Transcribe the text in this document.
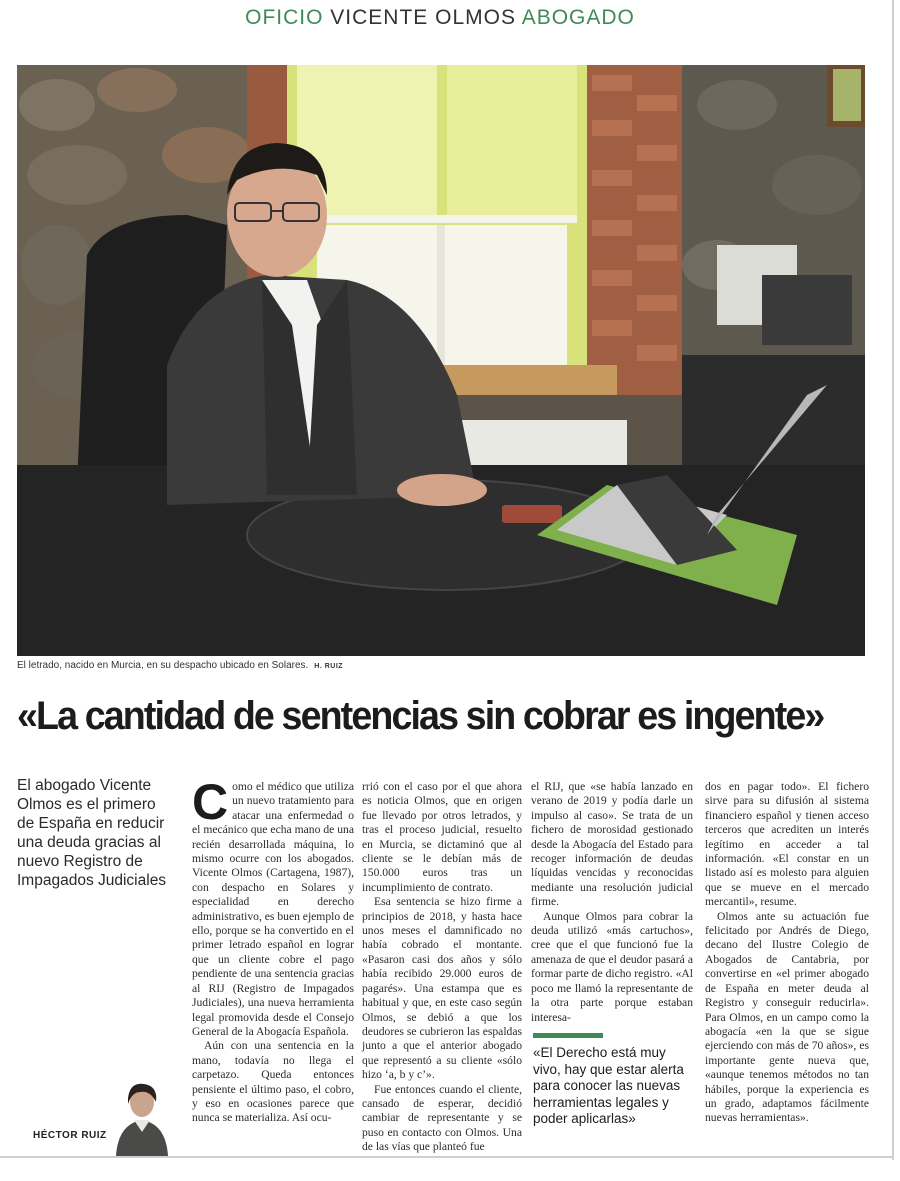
OFICIO VICENTE OLMOS ABOGADO
El letrado, nacido en Murcia, en su despacho ubicado en Solares. H. RUIZ
«La cantidad de sentencias sin cobrar es ingente»
El abogado Vicente Olmos es el primero de España en reducir una deuda gracias al nuevo Registro de Impagados Judiciales

Como el médico que utiliza un nuevo tratamiento para atacar una enfermedad o el mecánico que echa mano de una recién desarrollada máquina, lo mismo ocurre con los abogados. Vicente Olmos (Cartagena, 1987), con despacho en Solares y especialidad en derecho administrativo, es buen ejemplo de ello, porque se ha convertido en el primer letrado español en lograr que un cliente cobre el pago pendiente de una sentencia gracias al RIJ (Registro de Impagados Judiciales), una nueva herramienta legal promovida desde el Consejo General de la Abogacía Española.

Aún con una sentencia en la mano, todavía no llega el carpetazo. Queda entonces pensiente el último paso, el cobro, y eso en ocasiones parece que nunca se materializa. Así ocu-

rrió con el caso por el que ahora es noticia Olmos, que en origen fue llevado por otros letrados, y tras el proceso judicial, resuelto en Murcia, se dictaminó que al cliente se le debían más de 150.000 euros tras un incumplimiento de contrato.

Esa sentencia se hizo firme a principios de 2018, y hasta hace unos meses el damnificado no había cobrado el montante. «Pasaron casi dos años y sólo había recibido 29.000 euros de pagarés». Una estampa que es habitual y que, en este caso según Olmos, se debió a que los deudores se cubrieron las espaldas junto a que el anterior abogado que representó a su cliente «sólo hizo ‘a, b y c’».

Fue entonces cuando el cliente, cansado de esperar, decidió cambiar de representante y se puso en contacto con Olmos. Una de las vías que planteó fue

el RIJ, que «se había lanzado en verano de 2019 y podía darle un impulso al caso». Se trata de un fichero de morosidad gestionado desde la Abogacía del Estado para recoger información de deudas líquidas vencidas y reconocidas mediante una resolución judicial firme.

Aunque Olmos para cobrar la deuda utilizó «más cartuchos», cree que el que funcionó fue la amenaza de que el deudor pasará a formar parte de dicho registro. «Al poco me llamó la representante de la otra parte porque estaban interesa-

«El Derecho está muy vivo, hay que estar alerta para conocer las nuevas herramientas legales y poder aplicarlas»

dos en pagar todo». El fichero sirve para su difusión al sistema financiero español y tienen acceso terceros que acrediten un interés legítimo en acceder a tal información. «El constar en un listado así es molesto para alguien que se mueve en el mercado mercantil», resume.

Olmos ante su actuación fue felicitado por Andrés de Diego, decano del Ilustre Colegio de Abogados de Cantabria, por convertirse en «el primer abogado de España en meter deuda al Registro y conseguir reducirla». Para Olmos, en un campo como la abogacía «en la que se sigue ejerciendo con más de 70 años», es importante gente nueva que, «aunque tenemos métodos no tan hábiles, porque la experiencia es un grado, adaptamos fácilmente nuevas herramientas».

HÉCTOR RUIZ
